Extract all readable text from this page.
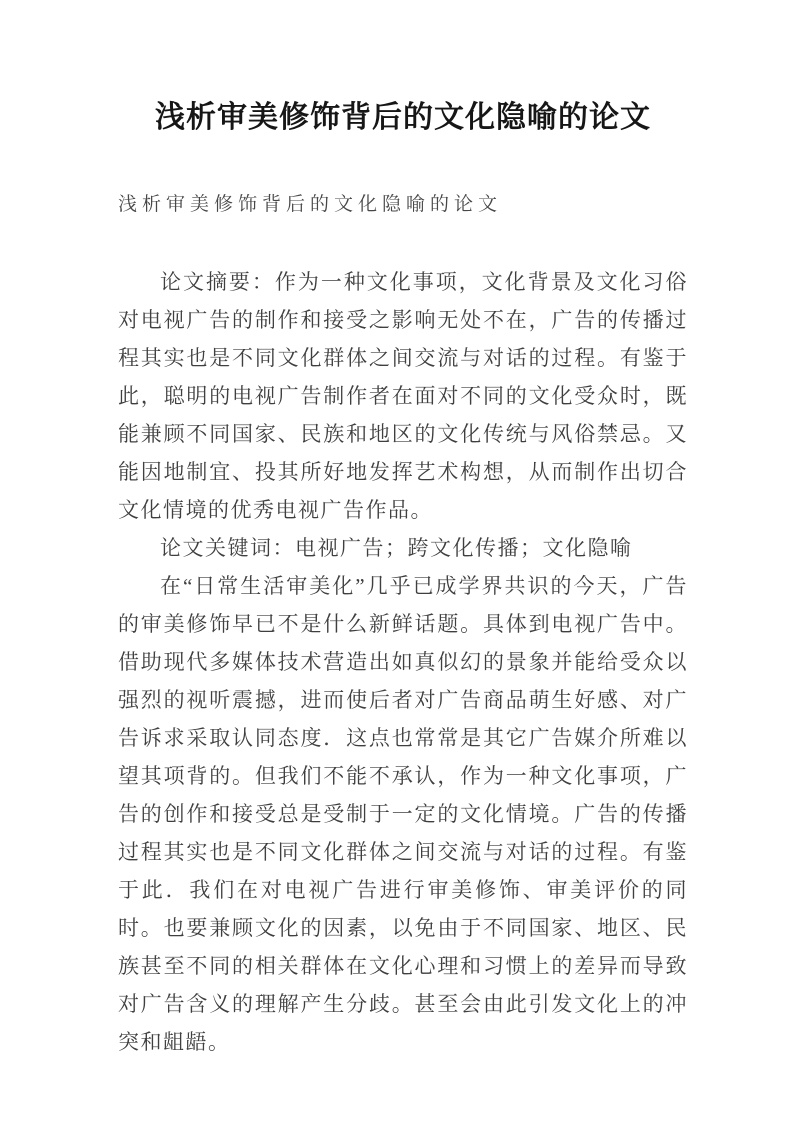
浅析审美修饰背后的文化隐喻的论文
浅析审美修饰背后的文化隐喻的论文

论文摘要：作为一种文化事项，文化背景及文化习俗对电视广告的制作和接受之影响无处不在，广告的传播过程其实也是不同文化群体之间交流与对话的过程。有鉴于此，聪明的电视广告制作者在面对不同的文化受众时，既能兼顾不同国家、民族和地区的文化传统与风俗禁忌。又能因地制宜、投其所好地发挥艺术构想，从而制作出切合文化情境的优秀电视广告作品。

论文关键词：电视广告；跨文化传播；文化隐喻

在“日常生活审美化”几乎已成学界共识的今天，广告的审美修饰早已不是什么新鲜话题。具体到电视广告中。借助现代多媒体技术营造出如真似幻的景象并能给受众以强烈的视听震撼，进而使后者对广告商品萌生好感、对广告诉求采取认同态度．这点也常常是其它广告媒介所难以望其项背的。但我们不能不承认，作为一种文化事项，广告的创作和接受总是受制于一定的文化情境。广告的传播过程其实也是不同文化群体之间交流与对话的过程。有鉴于此．我们在对电视广告进行审美修饰、审美评价的同时。也要兼顾文化的因素，以免由于不同国家、地区、民族甚至不同的相关群体在文化心理和习惯上的差异而导致对广告含义的理解产生分歧。甚至会由此引发文化上的冲突和龃龉。
